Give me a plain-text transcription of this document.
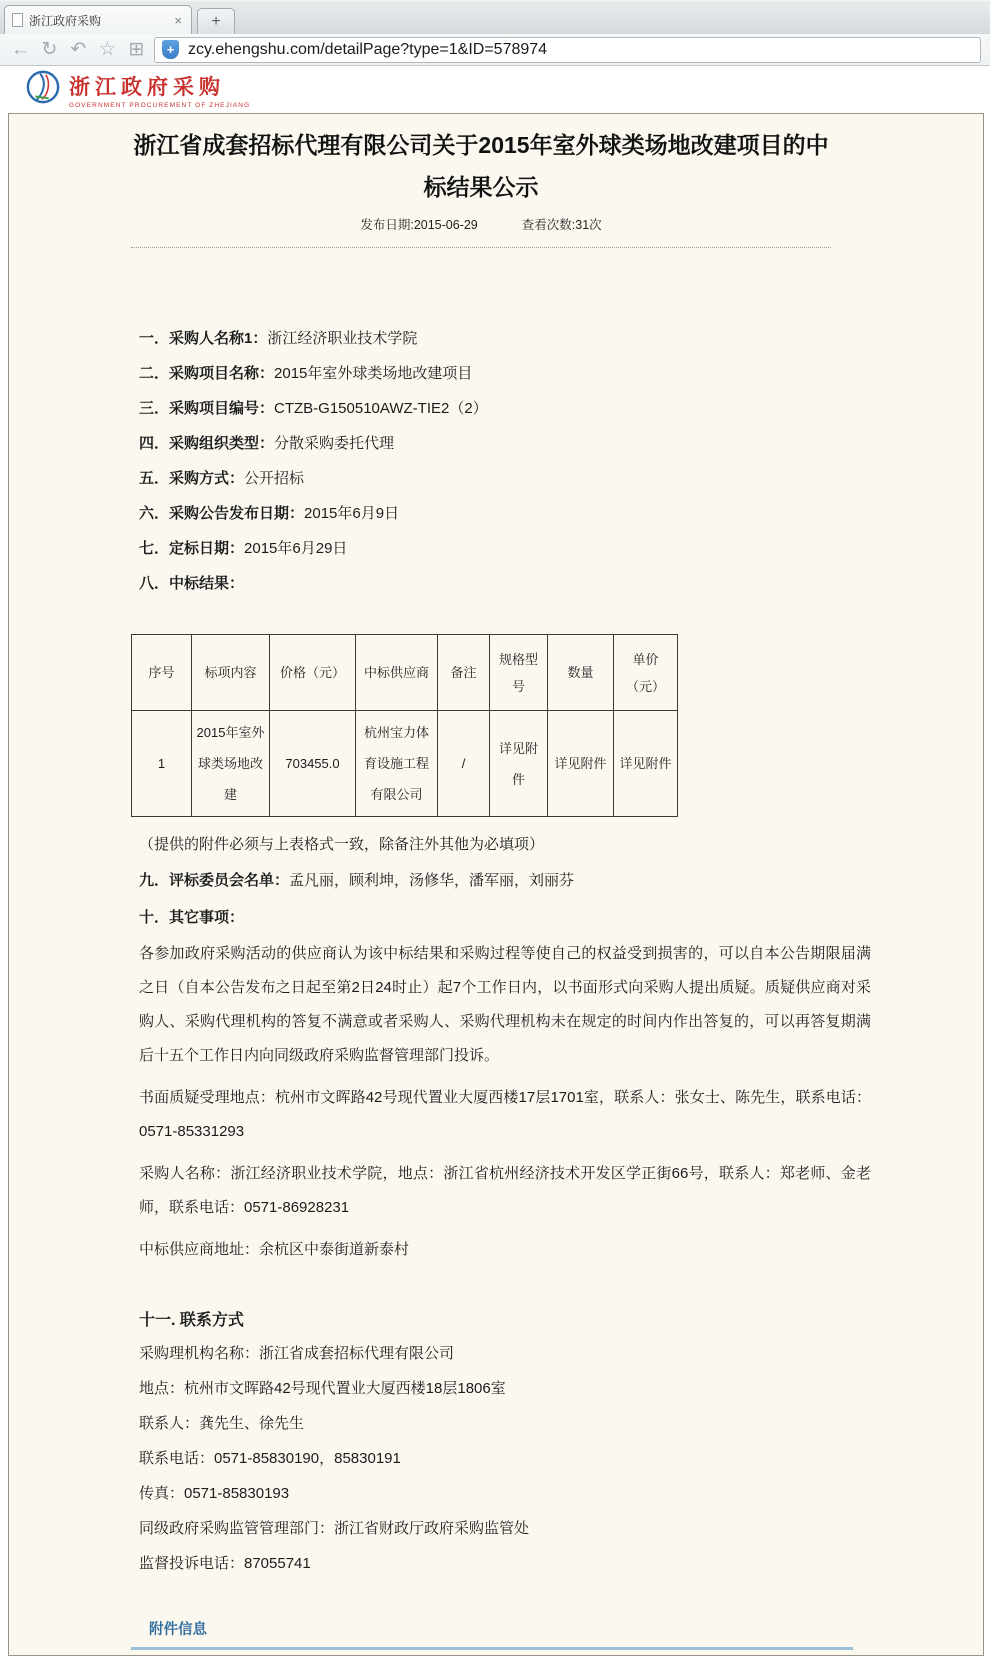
浙江政府采购	×	+
← ↻ ↶ ☆ ⊞	+ zcy.ehengshu.com/detailPage?type=1&ID=578974
浙江政府采购
GOVERNMENT PROCUREMENT OF ZHEJIANG
浙江省成套招标代理有限公司关于2015年室外球类场地改建项目的中标结果公示
发布日期:2015-06-29	查看次数:31次
一．采购人名称1：浙江经济职业技术学院
二．采购项目名称：2015年室外球类场地改建项目
三．采购项目编号：CTZB-G150510AWZ-TIE2（2）
四．采购组织类型：分散采购委托代理
五．采购方式：公开招标
六．采购公告发布日期：2015年6月9日
七．定标日期：2015年6月29日
八．中标结果：
序号	标项内容	价格（元）	中标供应商	备注	规格型号	数量	单价（元）
1	2015年室外球类场地改建	703455.0	杭州宝力体育设施工程有限公司	/	详见附件	详见附件	详见附件
（提供的附件必须与上表格式一致，除备注外其他为必填项）
九．评标委员会名单：孟凡丽，顾利坤，汤修华，潘军丽，刘丽芬
十．其它事项：

各参加政府采购活动的供应商认为该中标结果和采购过程等使自己的权益受到损害的，可以自本公告期限届满之日（自本公告发布之日起至第2日24时止）起7个工作日内，以书面形式向采购人提出质疑。质疑供应商对采购人、采购代理机构的答复不满意或者采购人、采购代理机构未在规定的时间内作出答复的，可以再答复期满后十五个工作日内向同级政府采购监督管理部门投诉。

书面质疑受理地点：杭州市文晖路42号现代置业大厦西楼17层1701室，联系人：张女士、陈先生，联系电话：0571-85331293

采购人名称：浙江经济职业技术学院，地点：浙江省杭州经济技术开发区学正街66号，联系人：郑老师、金老师，联系电话：0571-86928231

中标供应商地址：余杭区中泰街道新泰村

十一. 联系方式
采购理机构名称：浙江省成套招标代理有限公司
地点：杭州市文晖路42号现代置业大厦西楼18层1806室
联系人：龚先生、徐先生
联系电话：0571-85830190，85830191
传真：0571-85830193
同级政府采购监管管理部门：浙江省财政厅政府采购监管处
监督投诉电话：87055741
附件信息
